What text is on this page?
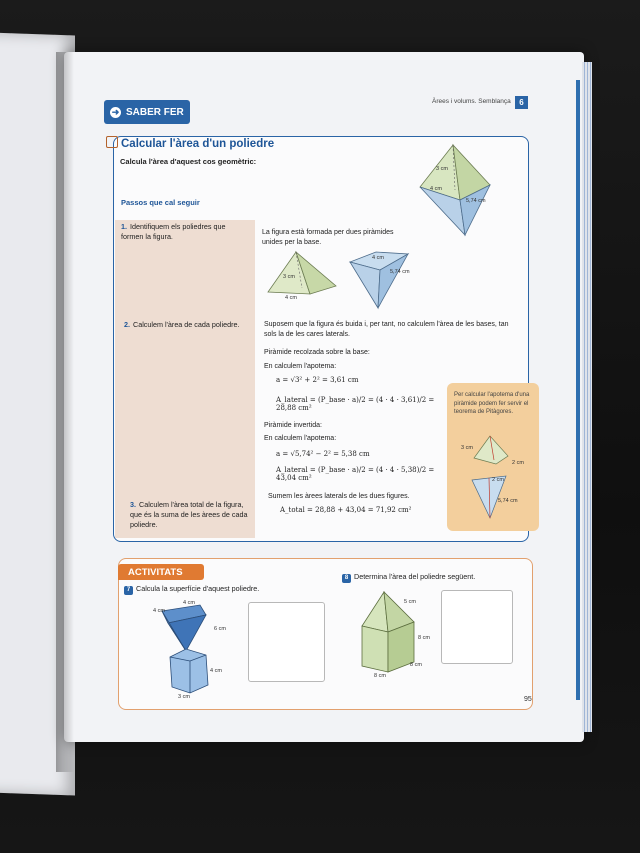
➜ SABER FER
Àrees i volums. Semblança	6
Calcular l'àrea d'un poliedre
Calcula l'àrea d'aquest cos geomètric:
3 cm
4 cm
5,74 cm
Passos que cal seguir
1. Identifiquem els poliedres que formen la figura.	La figura està formada per dues piràmides unides per la base.
3 cm
4 cm
4 cm
5,74 cm
2. Calculem l'àrea de cada poliedre.	Suposem que la figura és buida i, per tant, no calculem l'àrea de les bases, tan sols la de les cares laterals.
Piràmide recolzada sobre la base:
En calculem l'apotema:
a = √3² + 2² = 3,61 cm
A_lateral = (P_base · a)/2 = (4 · 4 · 3,61)/2 = 28,88 cm²
Piràmide invertida:
En calculem l'apotema:
a = √5,74² − 2² = 5,38 cm
A_lateral = (P_base · a)/2 = (4 · 4 · 5,38)/2 = 43,04 cm²
3. Calculem l'àrea total de la figura, que és la suma de les àrees de cada poliedre.
Sumem les àrees laterals de les dues figures.
A_total = 28,88 + 43,04 = 71,92 cm²
Per calcular l'apotema d'una piràmide podem fer servir el teorema de Pitàgores.
3 cm
2 cm
2 cm
5,74 cm
ACTIVITATS
7 Calcula la superfície d'aquest poliedre.
4 cm
4 cm
6 cm
4 cm
3 cm
8 Determina l'àrea del poliedre següent.
5 cm
8 cm
8 cm
8 cm
95
